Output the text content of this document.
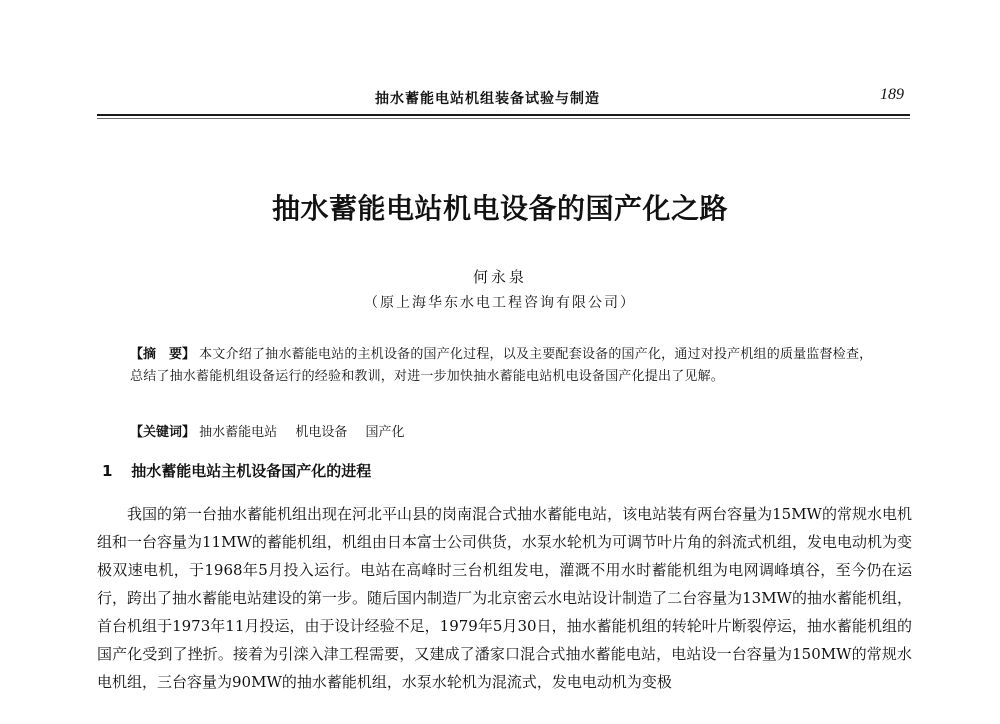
抽水蓄能电站机组装备试验与制造	189
抽水蓄能电站机电设备的国产化之路
何永泉
（原上海华东水电工程咨询有限公司）
【摘　要】 本文介绍了抽水蓄能电站的主机设备的国产化过程，以及主要配套设备的国产化，通过对投产机组的质量监督检查，总结了抽水蓄能机组设备运行的经验和教训，对进一步加快抽水蓄能电站机电设备国产化提出了见解。
【关键词】 抽水蓄能电站 机电设备 国产化
1 抽水蓄能电站主机设备国产化的进程
我国的第一台抽水蓄能机组出现在河北平山县的岗南混合式抽水蓄能电站，该电站装有两台容量为15MW的常规水电机组和一台容量为11MW的蓄能机组，机组由日本富士公司供货，水泵水轮机为可调节叶片角的斜流式机组，发电电动机为变极双速电机，于1968年5月投入运行。电站在高峰时三台机组发电，灌溉不用水时蓄能机组为电网调峰填谷，至今仍在运行，跨出了抽水蓄能电站建设的第一步。随后国内制造厂为北京密云水电站设计制造了二台容量为13MW的抽水蓄能机组，首台机组于1973年11月投运，由于设计经验不足，1979年5月30日，抽水蓄能机组的转轮叶片断裂停运，抽水蓄能机组的国产化受到了挫折。接着为引滦入津工程需要，又建成了潘家口混合式抽水蓄能电站，电站设一台容量为150MW的常规水电机组，三台容量为90MW的抽水蓄能机组，水泵水轮机为混流式，发电电动机为变极
